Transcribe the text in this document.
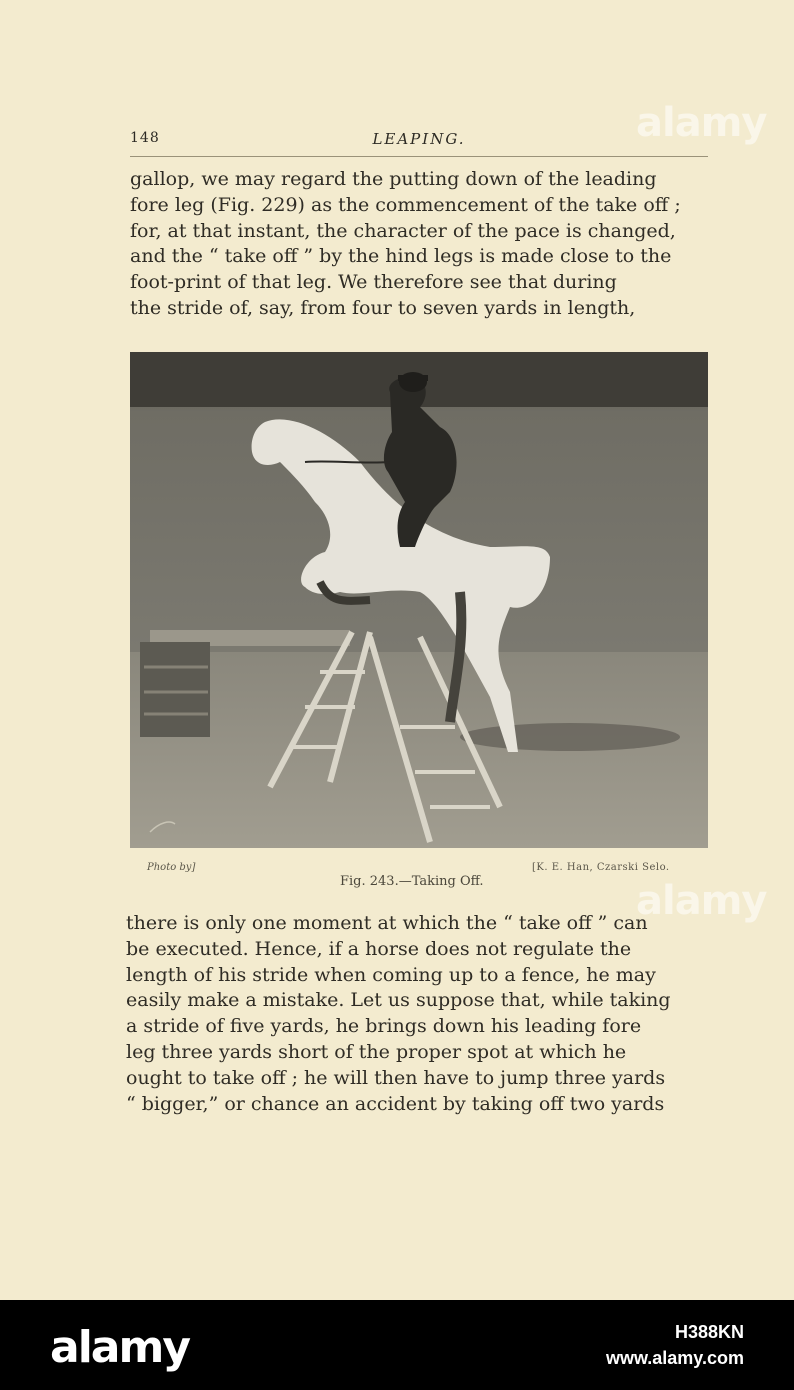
148	LEAPING.
gallop, we may regard the putting down of the leading
fore leg (Fig. 229) as the commencement of the take off ;
for, at that instant, the character of the pace is changed,
and the “ take off ” by the hind legs is made close to the
foot-print of that leg. We therefore see that during
the stride of, say, from four to seven yards in length,
Photo by]	[K. E. Han, Czarski Selo.
Fig. 243.—Taking Off.
there is only one moment at which the “ take off ” can
be executed. Hence, if a horse does not regulate the
length of his stride when coming up to a fence, he may
easily make a mistake. Let us suppose that, while taking
a stride of five yards, he brings down his leading fore
leg three yards short of the proper spot at which he
ought to take off ; he will then have to jump three yards
“ bigger,” or chance an accident by taking off two yards
alamy
alamy
alamy	H388KN
www.alamy.com
